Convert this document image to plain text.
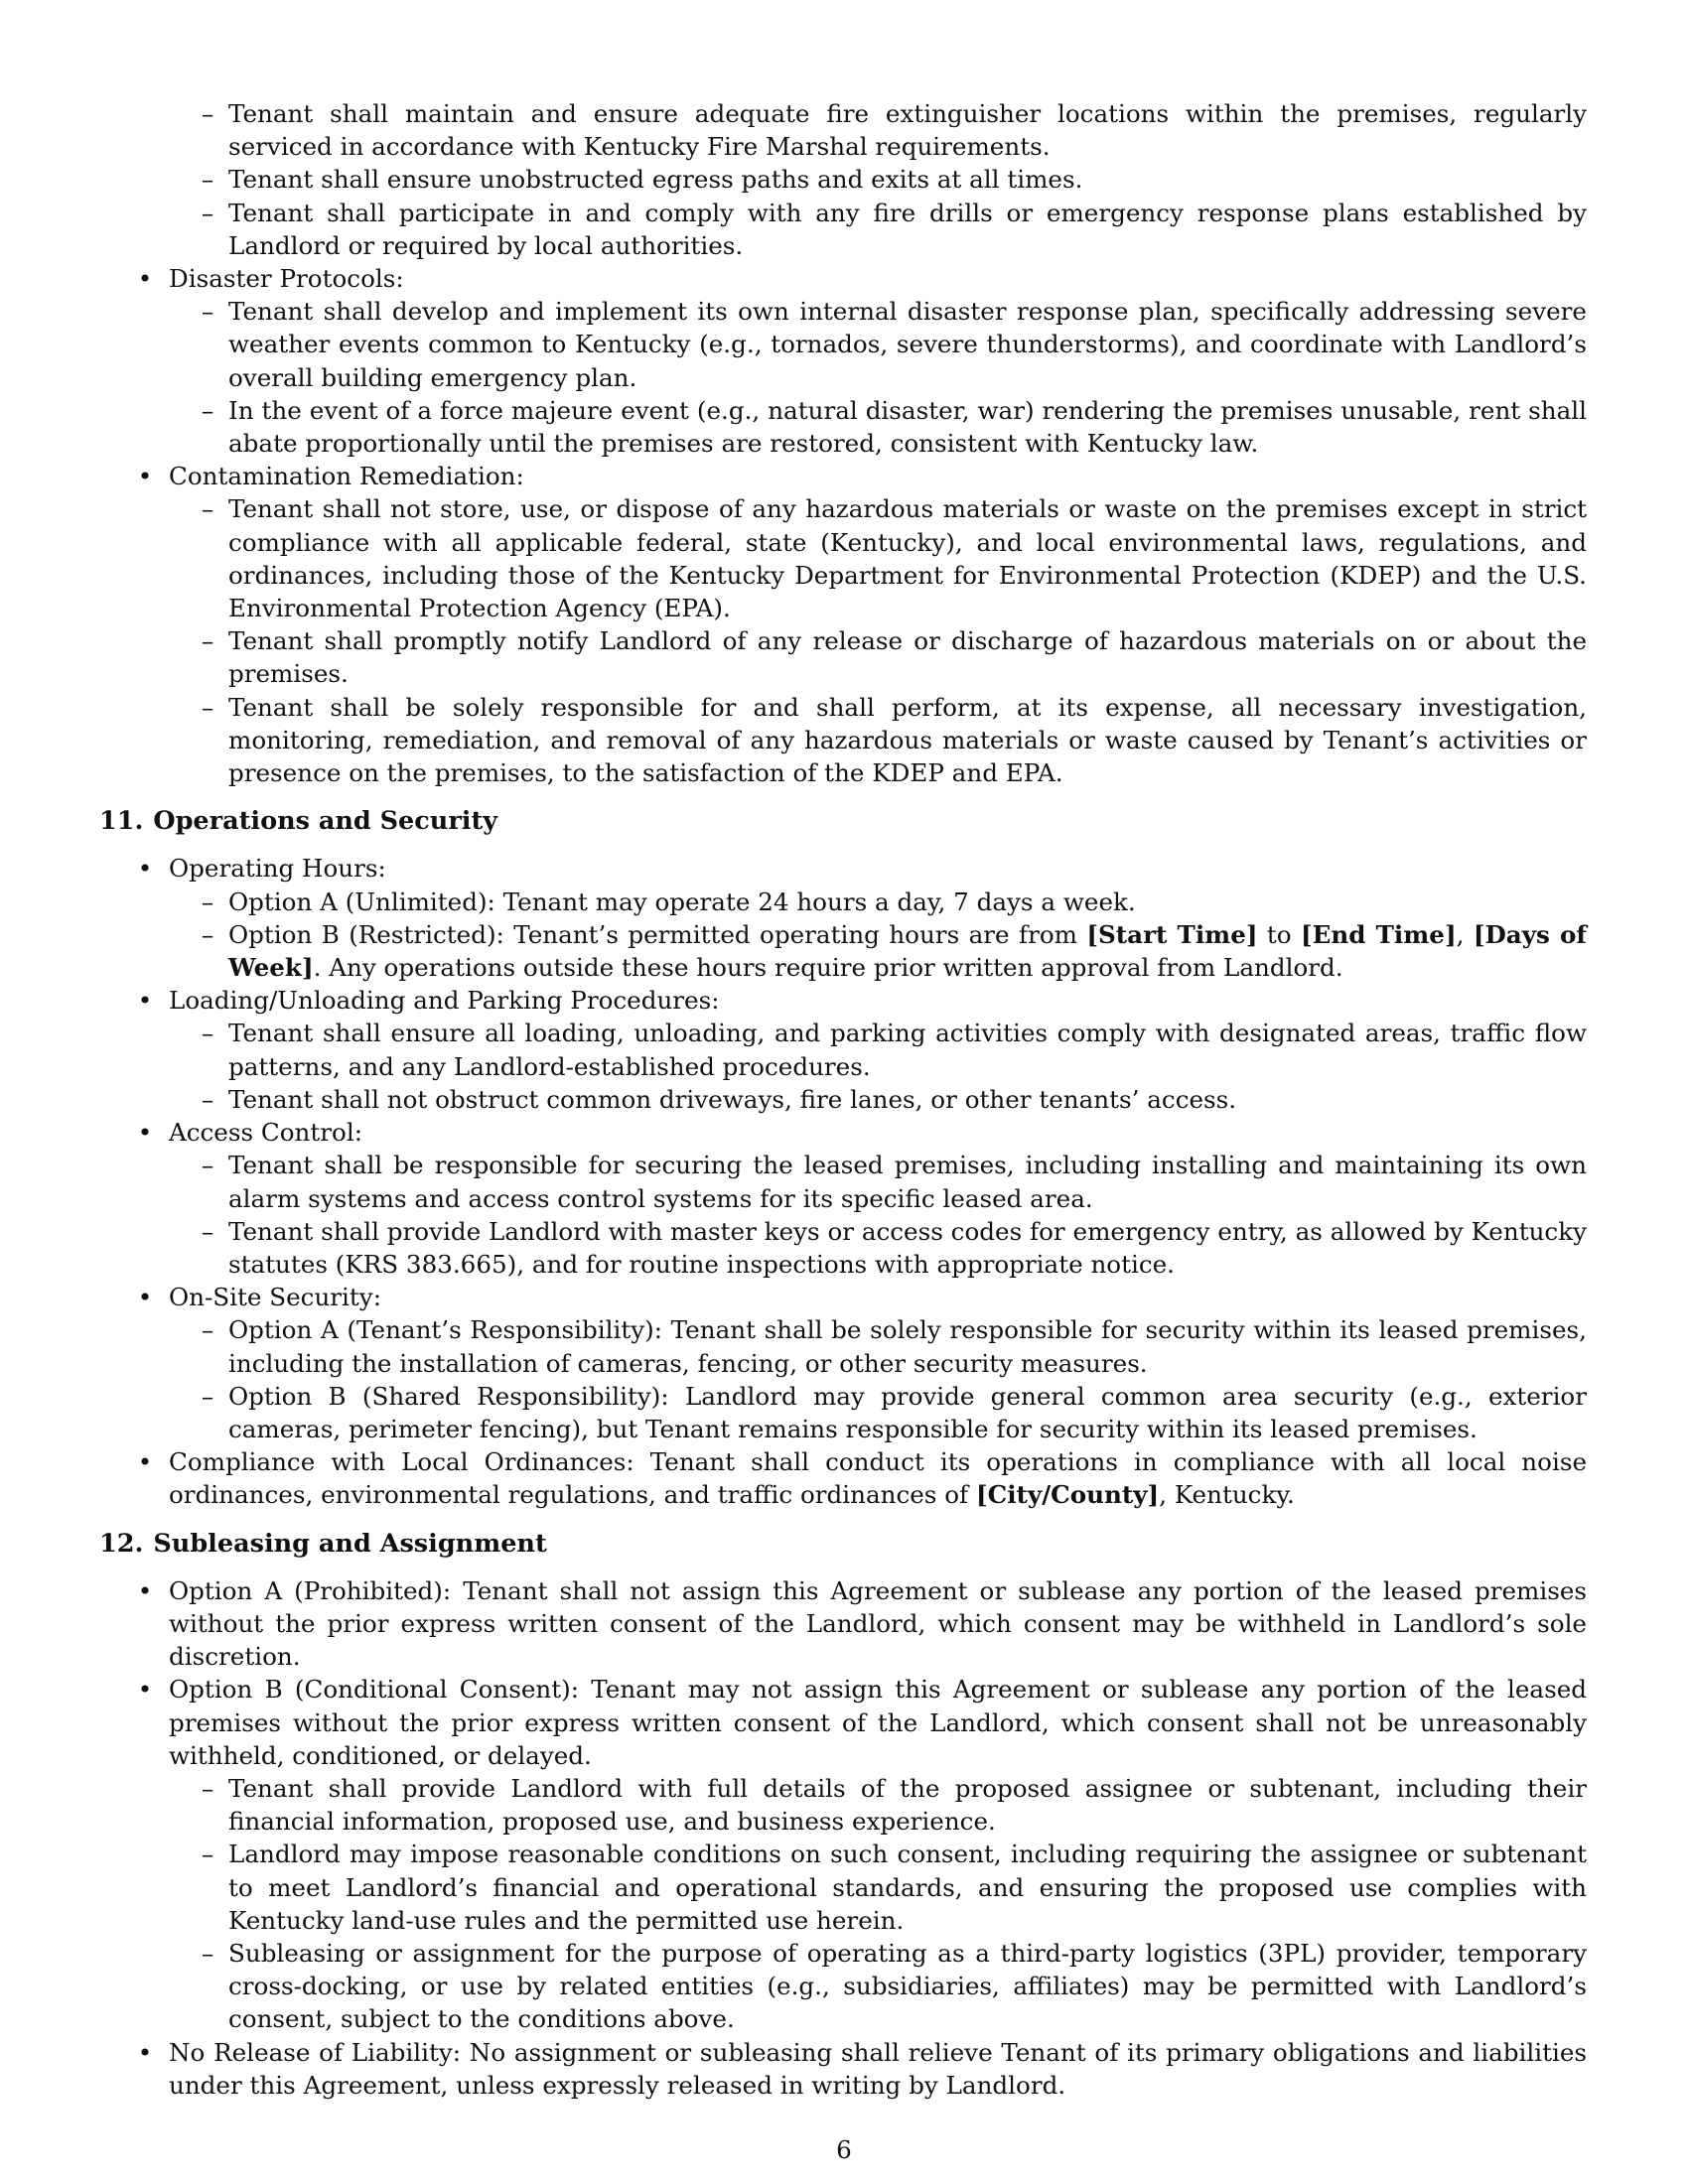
– Tenant shall maintain and ensure adequate fire extinguisher locations within the premises, regularly serviced in accordance with Kentucky Fire Marshal requirements.
– Tenant shall ensure unobstructed egress paths and exits at all times.
– Tenant shall participate in and comply with any fire drills or emergency response plans established by Landlord or required by local authorities.
• Disaster Protocols:
– Tenant shall develop and implement its own internal disaster response plan, specifically addressing severe weather events common to Kentucky (e.g., tornados, severe thunderstorms), and coordinate with Landlord’s overall building emergency plan.
– In the event of a force majeure event (e.g., natural disaster, war) rendering the premises unusable, rent shall abate proportionally until the premises are restored, consistent with Kentucky law.
• Contamination Remediation:
– Tenant shall not store, use, or dispose of any hazardous materials or waste on the premises except in strict compliance with all applicable federal, state (Kentucky), and local environmental laws, regulations, and ordinances, including those of the Kentucky Department for Environmental Protection (KDEP) and the U.S. Environmental Protection Agency (EPA).
– Tenant shall promptly notify Landlord of any release or discharge of hazardous materials on or about the premises.
– Tenant shall be solely responsible for and shall perform, at its expense, all necessary investigation, monitoring, remediation, and removal of any hazardous materials or waste caused by Tenant’s activities or presence on the premises, to the satisfaction of the KDEP and EPA.
11. Operations and Security
• Operating Hours:
– Option A (Unlimited): Tenant may operate 24 hours a day, 7 days a week.
– Option B (Restricted): Tenant’s permitted operating hours are from [Start Time] to [End Time], [Days of Week]. Any operations outside these hours require prior written approval from Landlord.
• Loading/Unloading and Parking Procedures:
– Tenant shall ensure all loading, unloading, and parking activities comply with designated areas, traffic flow patterns, and any Landlord-established procedures.
– Tenant shall not obstruct common driveways, fire lanes, or other tenants’ access.
• Access Control:
– Tenant shall be responsible for securing the leased premises, including installing and maintaining its own alarm systems and access control systems for its specific leased area.
– Tenant shall provide Landlord with master keys or access codes for emergency entry, as allowed by Kentucky statutes (KRS 383.665), and for routine inspections with appropriate notice.
• On-Site Security:
– Option A (Tenant’s Responsibility): Tenant shall be solely responsible for security within its leased premises, including the installation of cameras, fencing, or other security measures.
– Option B (Shared Responsibility): Landlord may provide general common area security (e.g., exterior cameras, perimeter fencing), but Tenant remains responsible for security within its leased premises.
• Compliance with Local Ordinances: Tenant shall conduct its operations in compliance with all local noise ordinances, environmental regulations, and traffic ordinances of [City/County], Kentucky.
12. Subleasing and Assignment
• Option A (Prohibited): Tenant shall not assign this Agreement or sublease any portion of the leased premises without the prior express written consent of the Landlord, which consent may be withheld in Landlord’s sole discretion.
• Option B (Conditional Consent): Tenant may not assign this Agreement or sublease any portion of the leased premises without the prior express written consent of the Landlord, which consent shall not be unreasonably withheld, conditioned, or delayed.
– Tenant shall provide Landlord with full details of the proposed assignee or subtenant, including their financial information, proposed use, and business experience.
– Landlord may impose reasonable conditions on such consent, including requiring the assignee or subtenant to meet Landlord’s financial and operational standards, and ensuring the proposed use complies with Kentucky land-use rules and the permitted use herein.
– Subleasing or assignment for the purpose of operating as a third-party logistics (3PL) provider, temporary cross-docking, or use by related entities (e.g., subsidiaries, affiliates) may be permitted with Landlord’s consent, subject to the conditions above.
• No Release of Liability: No assignment or subleasing shall relieve Tenant of its primary obligations and liabilities under this Agreement, unless expressly released in writing by Landlord.
6
